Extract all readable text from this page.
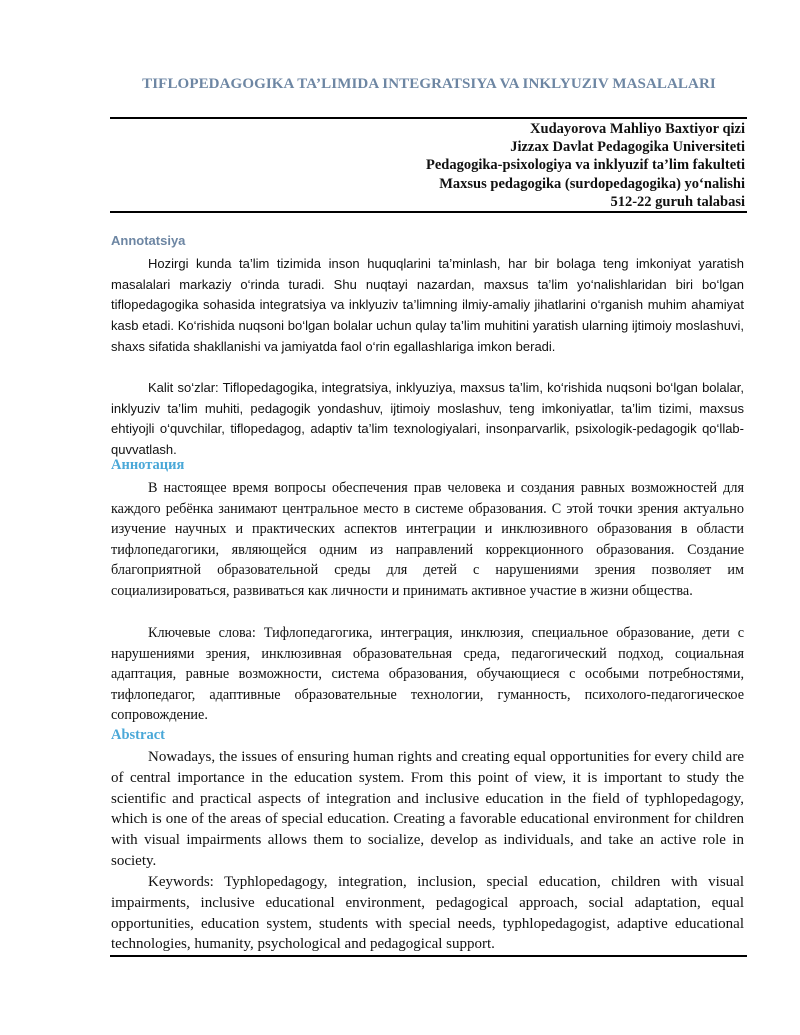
TIFLOPEDAGOGIKA TA’LIMIDA INTEGRATSIYA VA INKLYUZIV MASALALARI
Xudayorova Mahliyo Baxtiyor qizi
Jizzax Davlat Pedagogika Universiteti
Pedagogika-psixologiya va inklyuzif ta’lim fakulteti
Maxsus pedagogika (surdopedagogika) yo‘nalishi
512-22 guruh talabasi
Annotatsiya

Hozirgi kunda ta’lim tizimida inson huquqlarini ta’minlash, har bir bolaga teng imkoniyat yaratish masalalari markaziy o‘rinda turadi. Shu nuqtayi nazardan, maxsus ta’lim yo‘nalishlaridan biri bo‘lgan tiflopedagogika sohasida integratsiya va inklyuziv ta’limning ilmiy-amaliy jihatlarini o‘rganish muhim ahamiyat kasb etadi. Ko‘rishida nuqsoni bo‘lgan bolalar uchun qulay ta’lim muhitini yaratish ularning ijtimoiy moslashuvi, shaxs sifatida shakllanishi va jamiyatda faol o‘rin egallashlariga imkon beradi.

Kalit so‘zlar: Tiflopedagogika, integratsiya, inklyuziya, maxsus ta’lim, ko‘rishida nuqsoni bo‘lgan bolalar, inklyuziv ta’lim muhiti, pedagogik yondashuv, ijtimoiy moslashuv, teng imkoniyatlar, ta’lim tizimi, maxsus ehtiyojli o‘quvchilar, tiflopedagog, adaptiv ta’lim texnologiyalari, insonparvarlik, psixologik-pedagogik qo‘llab-quvvatlash.

Аннотация

В настоящее время вопросы обеспечения прав человека и создания равных возможностей для каждого ребёнка занимают центральное место в системе образования. С этой точки зрения актуально изучение научных и практических аспектов интеграции и инклюзивного образования в области тифлопедагогики, являющейся одним из направлений коррекционного образования. Создание благоприятной образовательной среды для детей с нарушениями зрения позволяет им социализироваться, развиваться как личности и принимать активное участие в жизни общества.

Ключевые слова: Тифлопедагогика, интеграция, инклюзия, специальное образование, дети с нарушениями зрения, инклюзивная образовательная среда, педагогический подход, социальная адаптация, равные возможности, система образования, обучающиеся с особыми потребностями, тифлопедагог, адаптивные образовательные технологии, гуманность, психолого-педагогическое сопровождение.

Abstract

Nowadays, the issues of ensuring human rights and creating equal opportunities for every child are of central importance in the education system. From this point of view, it is important to study the scientific and practical aspects of integration and inclusive education in the field of typhlopedagogy, which is one of the areas of special education. Creating a favorable educational environment for children with visual impairments allows them to socialize, develop as individuals, and take an active role in society.

Keywords: Typhlopedagogy, integration, inclusion, special education, children with visual impairments, inclusive educational environment, pedagogical approach, social adaptation, equal opportunities, education system, students with special needs, typhlopedagogist, adaptive educational technologies, humanity, psychological and pedagogical support.
